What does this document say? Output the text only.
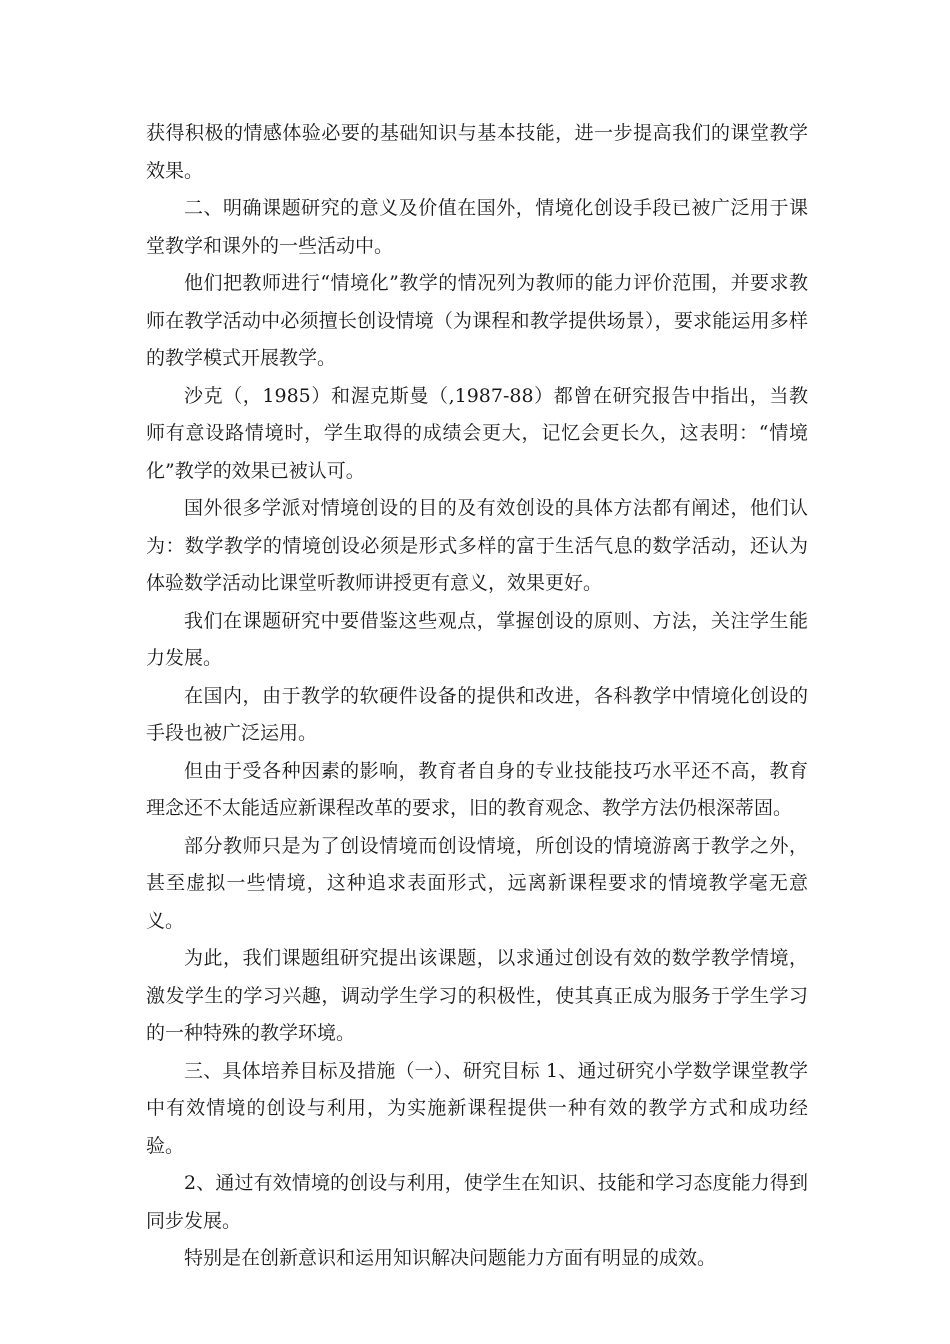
获得积极的情感体验必要的基础知识与基本技能，进一步提高我们的课堂教学效果。

二、明确课题研究的意义及价值在国外，情境化创设手段已被广泛用于课堂教学和课外的一些活动中。

他们把教师进行“情境化”教学的情况列为教师的能力评价范围，并要求教师在教学活动中必须擅长创设情境（为课程和教学提供场景），要求能运用多样的教学模式开展教学。

沙克（，1985）和渥克斯曼（,1987-88）都曾在研究报告中指出，当教师有意设路情境时，学生取得的成绩会更大，记忆会更长久，这表明：“情境化”教学的效果已被认可。

国外很多学派对情境创设的目的及有效创设的具体方法都有阐述，他们认为：数学教学的情境创设必须是形式多样的富于生活气息的数学活动，还认为体验数学活动比课堂听教师讲授更有意义，效果更好。

我们在课题研究中要借鉴这些观点，掌握创设的原则、方法，关注学生能力发展。

在国内，由于教学的软硬件设备的提供和改进，各科教学中情境化创设的手段也被广泛运用。

但由于受各种因素的影响，教育者自身的专业技能技巧水平还不高，教育理念还不太能适应新课程改革的要求，旧的教育观念、教学方法仍根深蒂固。

部分教师只是为了创设情境而创设情境，所创设的情境游离于教学之外，甚至虚拟一些情境，这种追求表面形式，远离新课程要求的情境教学毫无意义。

为此，我们课题组研究提出该课题，以求通过创设有效的数学教学情境，激发学生的学习兴趣，调动学生学习的积极性，使其真正成为服务于学生学习的一种特殊的教学环境。

三、具体培养目标及措施（一）、研究目标 1、通过研究小学数学课堂教学中有效情境的创设与利用，为实施新课程提供一种有效的教学方式和成功经验。

2、通过有效情境的创设与利用，使学生在知识、技能和学习态度能力得到同步发展。

特别是在创新意识和运用知识解决问题能力方面有明显的成效。
